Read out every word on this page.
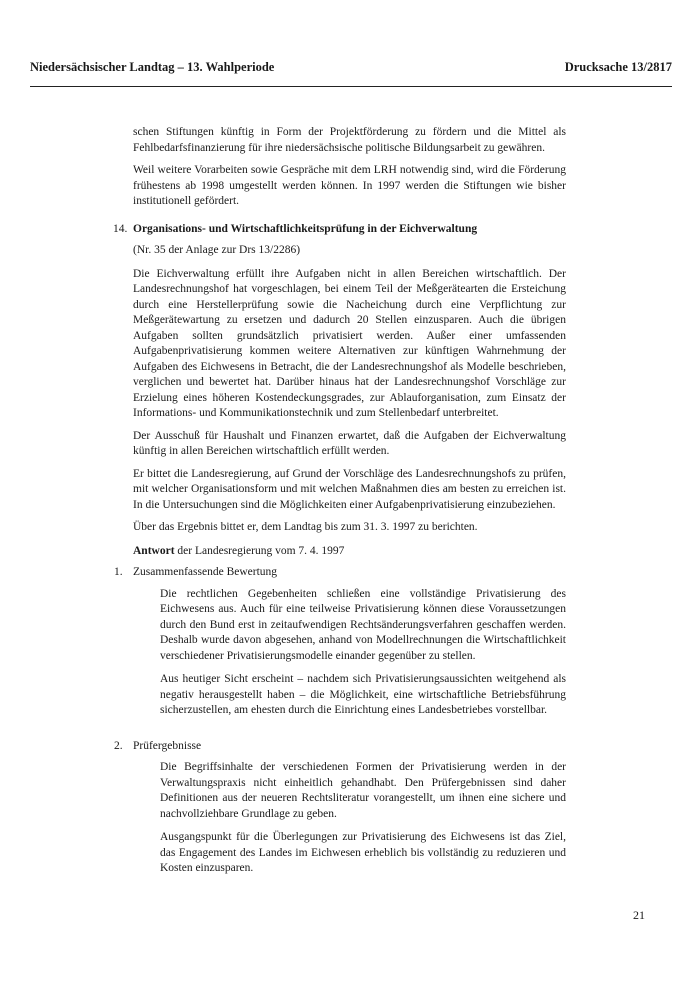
Niedersächsischer Landtag – 13. Wahlperiode	Drucksache 13/2817

schen Stiftungen künftig in Form der Projektförderung zu fördern und die Mittel als Fehlbedarfsfinanzierung für ihre niedersächsische politische Bildungsarbeit zu gewähren.

Weil weitere Vorarbeiten sowie Gespräche mit dem LRH notwendig sind, wird die Förderung frühestens ab 1998 umgestellt werden können. In 1997 werden die Stiftungen wie bisher institutionell gefördert.

14. Organisations- und Wirtschaftlichkeitsprüfung in der Eichverwaltung

(Nr. 35 der Anlage zur Drs 13/2286)

Die Eichverwaltung erfüllt ihre Aufgaben nicht in allen Bereichen wirtschaftlich. Der Landesrechnungshof hat vorgeschlagen, bei einem Teil der Meßgerätearten die Ersteichung durch eine Herstellerprüfung sowie die Nacheichung durch eine Verpflichtung zur Meßgerätewartung zu ersetzen und dadurch 20 Stellen einzusparen. Auch die übrigen Aufgaben sollten grundsätzlich privatisiert werden. Außer einer umfassenden Aufgabenprivatisierung kommen weitere Alternativen zur künftigen Wahrnehmung der Aufgaben des Eichwesens in Betracht, die der Landesrechnungshof als Modelle beschrieben, verglichen und bewertet hat. Darüber hinaus hat der Landesrechnungshof Vorschläge zur Erzielung eines höheren Kostendeckungsgrades, zur Ablauforganisation, zum Einsatz der Informations- und Kommunikationstechnik und zum Stellenbedarf unterbreitet.

Der Ausschuß für Haushalt und Finanzen erwartet, daß die Aufgaben der Eichverwaltung künftig in allen Bereichen wirtschaftlich erfüllt werden.

Er bittet die Landesregierung, auf Grund der Vorschläge des Landesrechnungshofs zu prüfen, mit welcher Organisationsform und mit welchen Maßnahmen dies am besten zu erreichen ist. In die Untersuchungen sind die Möglichkeiten einer Aufgabenprivatisierung einzubeziehen.

Über das Ergebnis bittet er, dem Landtag bis zum 31. 3. 1997 zu berichten.

Antwort der Landesregierung vom 7. 4. 1997

1. Zusammenfassende Bewertung

Die rechtlichen Gegebenheiten schließen eine vollständige Privatisierung des Eichwesens aus. Auch für eine teilweise Privatisierung können diese Voraussetzungen durch den Bund erst in zeitaufwendigen Rechtsänderungsverfahren geschaffen werden. Deshalb wurde davon abgesehen, anhand von Modellrechnungen die Wirtschaftlichkeit verschiedener Privatisierungsmodelle einander gegenüber zu stellen.

Aus heutiger Sicht erscheint – nachdem sich Privatisierungsaussichten weitgehend als negativ herausgestellt haben – die Möglichkeit, eine wirtschaftliche Betriebsführung sicherzustellen, am ehesten durch die Einrichtung eines Landesbetriebes vorstellbar.

2. Prüfergebnisse

Die Begriffsinhalte der verschiedenen Formen der Privatisierung werden in der Verwaltungspraxis nicht einheitlich gehandhabt. Den Prüfergebnissen sind daher Definitionen aus der neueren Rechtsliteratur vorangestellt, um ihnen eine sichere und nachvollziehbare Grundlage zu geben.

Ausgangspunkt für die Überlegungen zur Privatisierung des Eichwesens ist das Ziel, das Engagement des Landes im Eichwesen erheblich bis vollständig zu reduzieren und Kosten einzusparen.

21
